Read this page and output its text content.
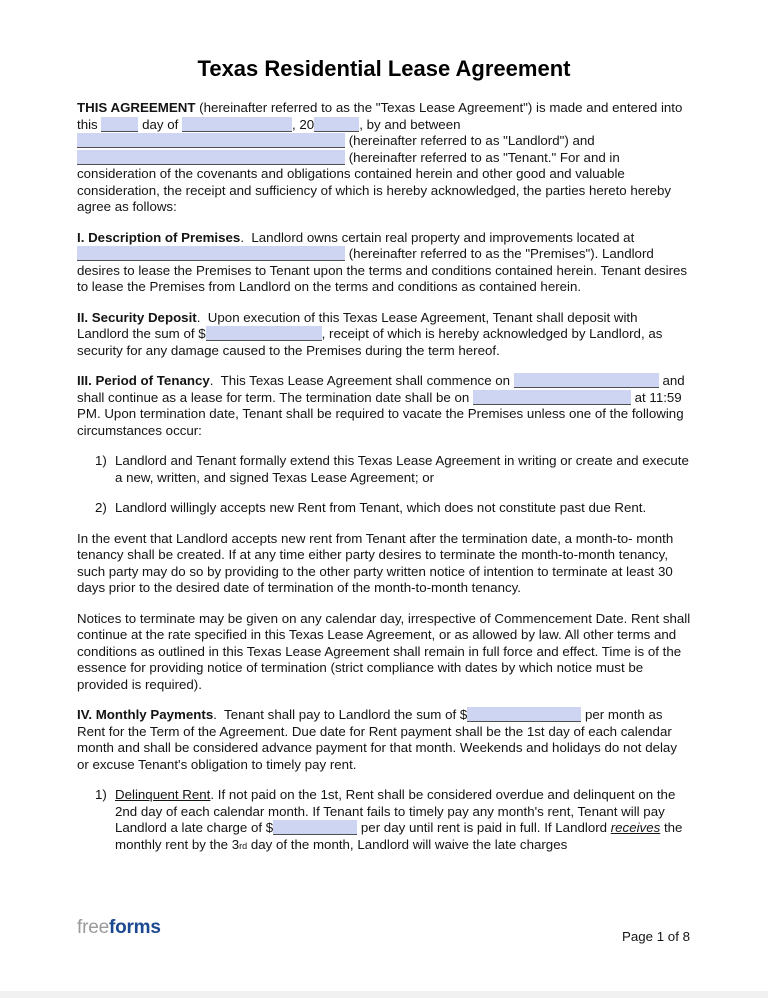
Texas Residential Lease Agreement

THIS AGREEMENT (hereinafter referred to as the "Texas Lease Agreement") is made and entered into this	day of	, 20	, by and between  (hereinafter referred to as "Landlord") and  (hereinafter referred to as "Tenant." For and in consideration of the covenants and obligations contained herein and other good and valuable consideration, the receipt and sufficiency of which is hereby acknowledged, the parties hereto hereby agree as follows:

I. Description of Premises.  Landlord owns certain real property and improvements located at  (hereinafter referred to as the "Premises"). Landlord desires to lease the Premises to Tenant upon the terms and conditions contained herein. Tenant desires to lease the Premises from Landlord on the terms and conditions as contained herein.

II. Security Deposit.  Upon execution of this Texas Lease Agreement, Tenant shall deposit with Landlord the sum of $	, receipt of which is hereby acknowledged by Landlord, as security for any damage caused to the Premises during the term hereof.

III. Period of Tenancy.  This Texas Lease Agreement shall commence on	and shall continue as a lease for term. The termination date shall be on	at 11:59 PM. Upon termination date, Tenant shall be required to vacate the Premises unless one of the following circumstances occur:

1) Landlord and Tenant formally extend this Texas Lease Agreement in writing or create and execute a new, written, and signed Texas Lease Agreement; or
2) Landlord willingly accepts new Rent from Tenant, which does not constitute past due Rent.

In the event that Landlord accepts new rent from Tenant after the termination date, a month-to- month tenancy shall be created. If at any time either party desires to terminate the month-to-month tenancy, such party may do so by providing to the other party written notice of intention to terminate at least 30 days prior to the desired date of termination of the month-to-month tenancy.

Notices to terminate may be given on any calendar day, irrespective of Commencement Date. Rent shall continue at the rate specified in this Texas Lease Agreement, or as allowed by law. All other terms and conditions as outlined in this Texas Lease Agreement shall remain in full force and effect. Time is of the essence for providing notice of termination (strict compliance with dates by which notice must be provided is required).

IV. Monthly Payments.  Tenant shall pay to Landlord the sum of $	per month as Rent for the Term of the Agreement. Due date for Rent payment shall be the 1st day of each calendar month and shall be considered advance payment for that month. Weekends and holidays do not delay or excuse Tenant's obligation to timely pay rent.

1) Delinquent Rent. If not paid on the 1st, Rent shall be considered overdue and delinquent on the 2nd day of each calendar month. If Tenant fails to timely pay any month's rent, Tenant will pay Landlord a late charge of $	per day until rent is paid in full. If Landlord receives the monthly rent by the 3rd day of the month, Landlord will waive the late charges
freeforms	Page 1 of 8
